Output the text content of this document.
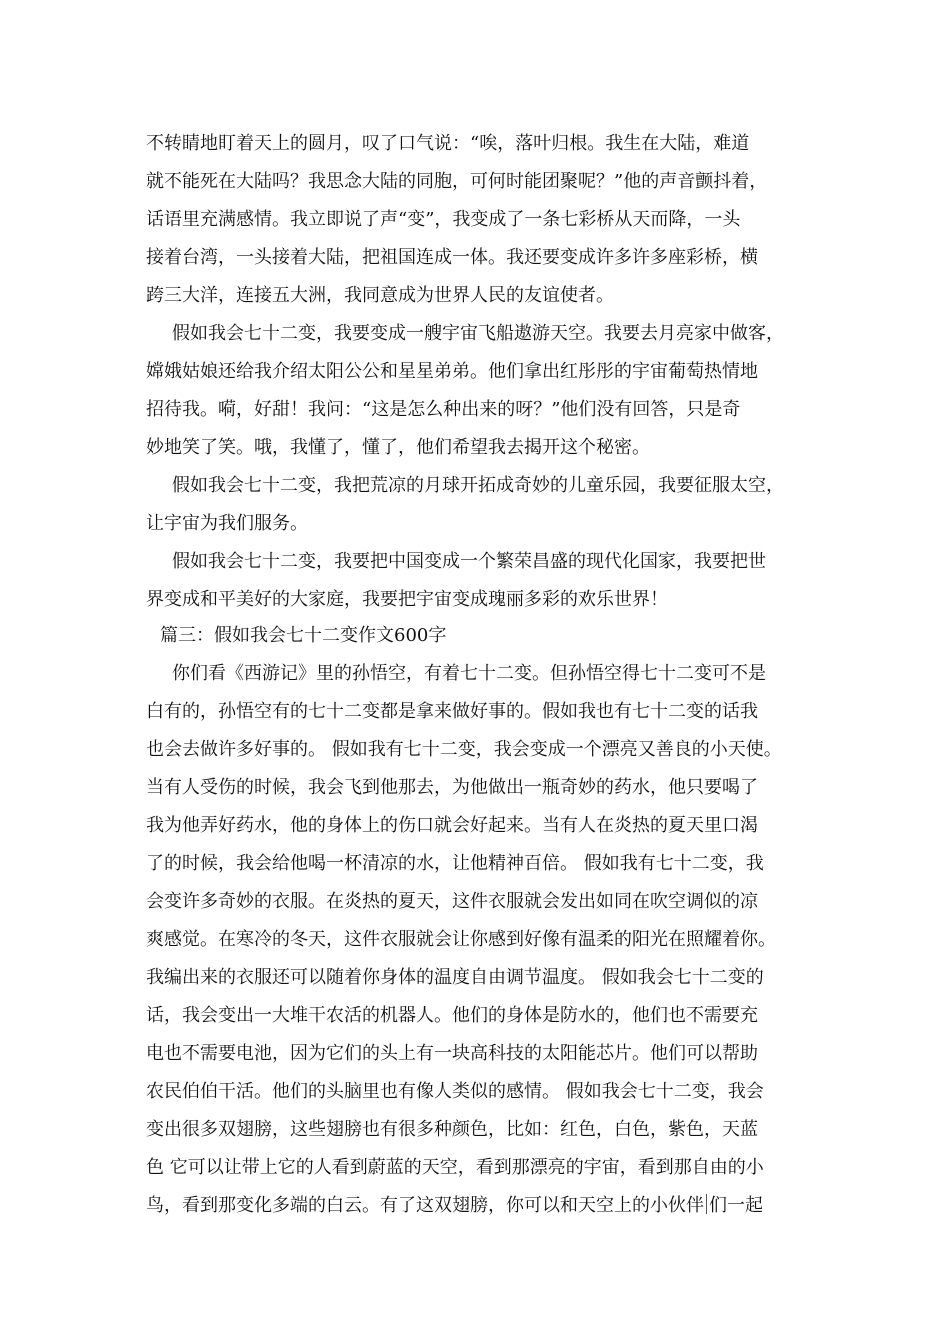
不转睛地盯着天上的圆月，叹了口气说：“唉，落叶归根。我生在大陆，难道
就不能死在大陆吗？我思念大陆的同胞，可何时能团聚呢？”他的声音颤抖着，
话语里充满感情。我立即说了声“变”，我变成了一条七彩桥从天而降，一头
接着台湾，一头接着大陆，把祖国连成一体。我还要变成许多许多座彩桥，横
跨三大洋，连接五大洲，我同意成为世界人民的友谊使者。
假如我会七十二变，我要变成一艘宇宙飞船遨游天空。我要去月亮家中做客，
嫦娥姑娘还给我介绍太阳公公和星星弟弟。他们拿出红彤彤的宇宙葡萄热情地
招待我。嗬，好甜！我问：“这是怎么种出来的呀？”他们没有回答，只是奇
妙地笑了笑。哦，我懂了，懂了，他们希望我去揭开这个秘密。
假如我会七十二变，我把荒凉的月球开拓成奇妙的儿童乐园，我要征服太空，
让宇宙为我们服务。
假如我会七十二变，我要把中国变成一个繁荣昌盛的现代化国家，我要把世
界变成和平美好的大家庭，我要把宇宙变成瑰丽多彩的欢乐世界！
篇三：假如我会七十二变作文600字
你们看《西游记》里的孙悟空，有着七十二变。但孙悟空得七十二变可不是
白有的，孙悟空有的七十二变都是拿来做好事的。假如我也有七十二变的话我
也会去做许多好事的。 假如我有七十二变，我会变成一个漂亮又善良的小天使。
当有人受伤的时候，我会飞到他那去，为他做出一瓶奇妙的药水，他只要喝了
我为他弄好药水，他的身体上的伤口就会好起来。当有人在炎热的夏天里口渴
了的时候，我会给他喝一杯清凉的水，让他精神百倍。 假如我有七十二变，我
会变许多奇妙的衣服。在炎热的夏天，这件衣服就会发出如同在吹空调似的凉
爽感觉。在寒冷的冬天，这件衣服就会让你感到好像有温柔的阳光在照耀着你。
我编出来的衣服还可以随着你身体的温度自由调节温度。 假如我会七十二变的
话，我会变出一大堆干农活的机器人。他们的身体是防水的，他们也不需要充
电也不需要电池，因为它们的头上有一块高科技的太阳能芯片。他们可以帮助
农民伯伯干活。他们的头脑里也有像人类似的感情。 假如我会七十二变，我会
变出很多双翅膀，这些翅膀也有很多种颜色，比如：红色，白色，紫色，天蓝
色 它可以让带上它的人看到蔚蓝的天空，看到那漂亮的宇宙，看到那自由的小
鸟，看到那变化多端的白云。有了这双翅膀，你可以和天空上的小伙伴 们一起
